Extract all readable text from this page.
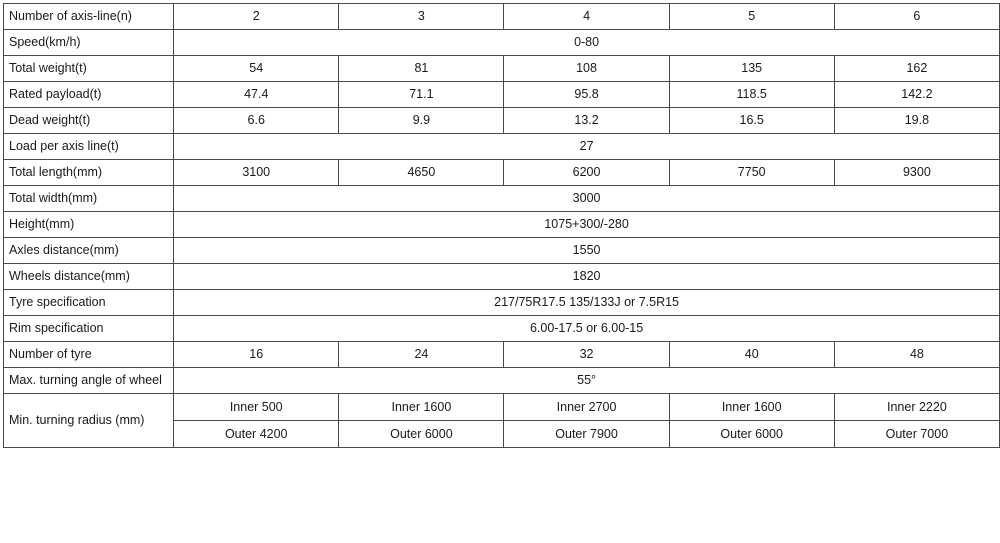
Number of axis-line(n)	2	3	4	5	6
Speed(km/h)	0-80				
Total weight(t)	54	81	108	135	162
Rated payload(t)	47.4	71.1	95.8	118.5	142.2
Dead weight(t)	6.6	9.9	13.2	16.5	19.8
Load per axis line(t)	27				
Total length(mm)	3100	4650	6200	7750	9300
Total width(mm)	3000				
Height(mm)	1075+300/-280				
Axles distance(mm)	1550				
Wheels distance(mm)	1820				
Tyre specification	217/75R17.5 135/133J or 7.5R15				
Rim specification	6.00-17.5 or 6.00-15				
Number of tyre	16	24	32	40	48
Max. turning angle of wheel	55°				
Min. turning radius (mm)	Inner 500	Inner 1600	Inner 2700	Inner 1600	Inner 2220
	Outer 4200	Outer 6000	Outer 7900	Outer 6000	Outer 7000
